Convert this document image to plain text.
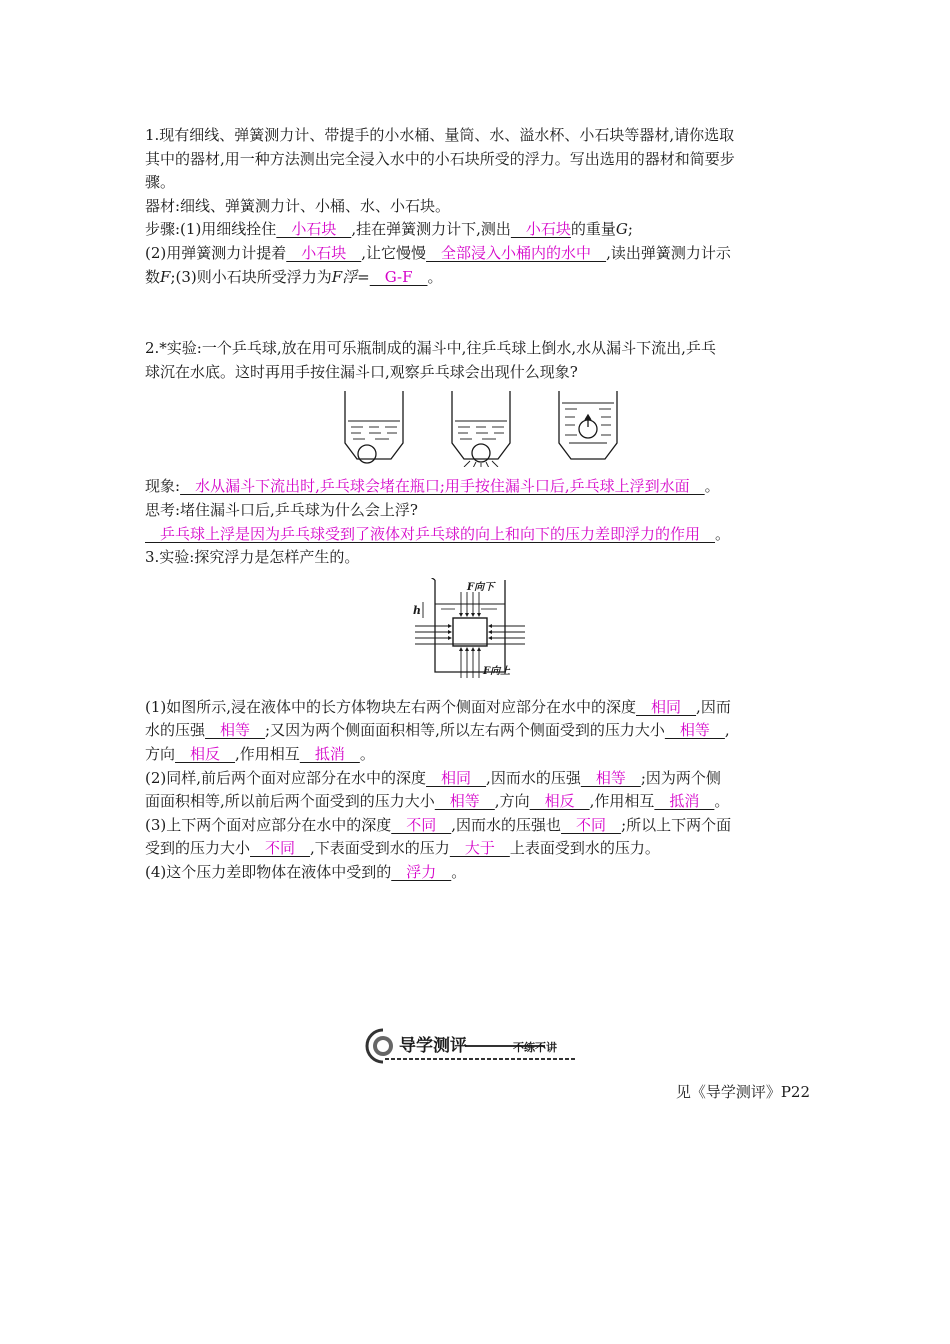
1.现有细线、弹簧测力计、带提手的小水桶、量筒、水、溢水杯、小石块等器材,请你选取
其中的器材,用一种方法测出完全浸入水中的小石块所受的浮力。写出选用的器材和简要步
骤。
器材:细线、弹簧测力计、小桶、水、小石块。
步骤:(1)用细线拴住　小石块　,挂在弹簧测力计下,测出　小石块的重量G;
(2)用弹簧测力计提着　小石块　,让它慢慢　全部浸入小桶内的水中　,读出弹簧测力计示
数F;(3)则小石块所受浮力为F浮=　G-F　。
2.*实验:一个乒乓球,放在用可乐瓶制成的漏斗中,往乒乓球上倒水,水从漏斗下流出,乒乓
球沉在水底。这时再用手按住漏斗口,观察乒乓球会出现什么现象?
现象:　水从漏斗下流出时,乒乓球会堵在瓶口;用手按住漏斗口后,乒乓球上浮到水面　。
思考:堵住漏斗口后,乒乓球为什么会上浮?
　乒乓球上浮是因为乒乓球受到了液体对乒乓球的向上和向下的压力差即浮力的作用　。
3.实验:探究浮力是怎样产生的。
F向下
F向上
h
(1)如图所示,浸在液体中的长方体物块左右两个侧面对应部分在水中的深度　相同　,因而
水的压强　相等　;又因为两个侧面面积相等,所以左右两个侧面受到的压力大小　相等　,
方向　相反　,作用相互　抵消　。
(2)同样,前后两个面对应部分在水中的深度　相同　,因而水的压强　相等　;因为两个侧
面面积相等,所以前后两个面受到的压力大小　相等　,方向　相反　,作用相互　抵消　。
(3)上下两个面对应部分在水中的深度　不同　,因而水的压强也　不同　;所以上下两个面
受到的压力大小　不同　,下表面受到水的压力　大于　上表面受到水的压力。
(4)这个压力差即物体在液体中受到的　浮力　。
导学测评	不练不讲
见《导学测评》P22
